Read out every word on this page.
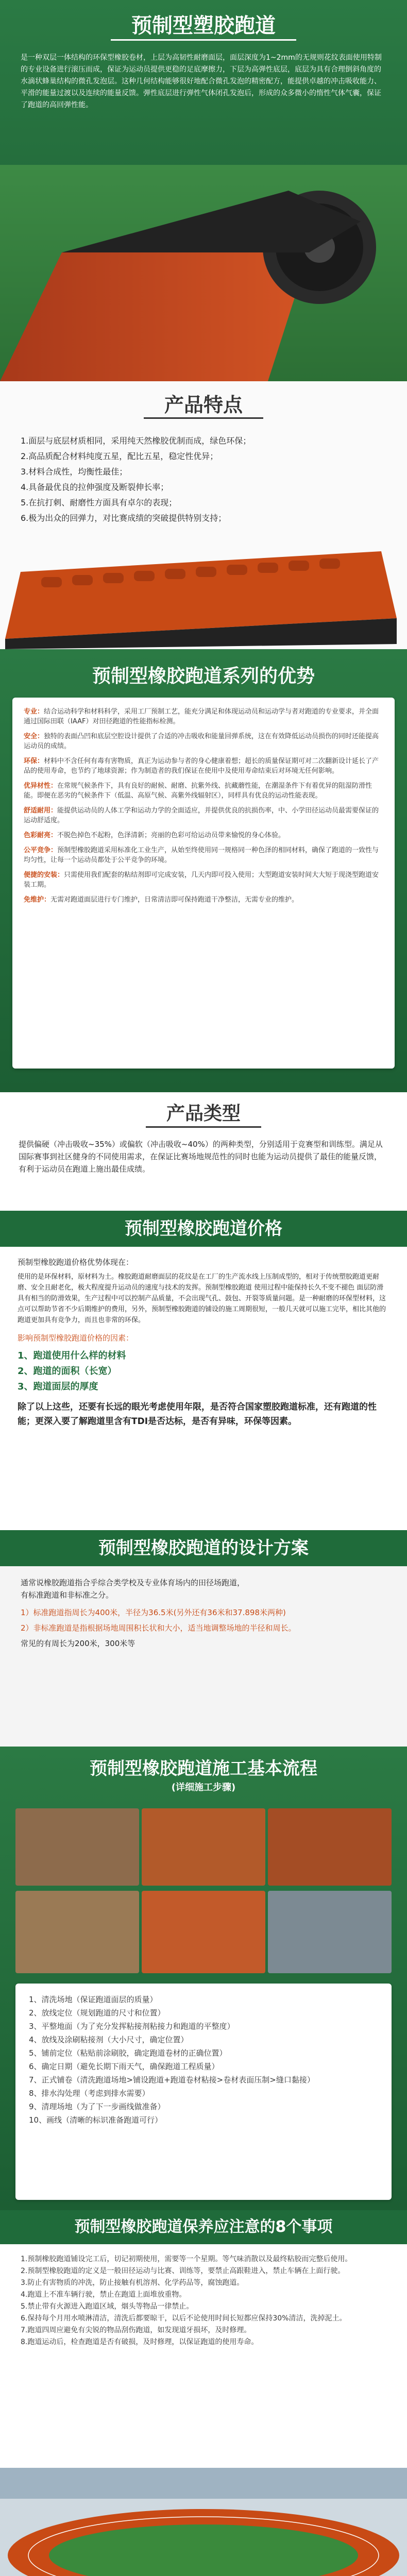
预制型塑胶跑道

是一种双层一体结构的环保型橡胶卷材，上层为高韧性耐磨面层，面层深度为1~2mm的无规则花纹表面使用特制的专业设备进行滚压而成，保证为运动员提供更稳的足底摩擦力，下层为高弹性底层，底层为具有合理倒斜角度的水滴状蜂巢结构的微孔发泡层。这种几何结构能够很好地配合微孔发泡的精密配方，能提供卓越的冲击吸收能力、平滑的能量过渡以及连续的能量反馈。弹性底层进行弹性气体闭孔发泡后，形成的众多微小的惰性气体气囊，保证了跑道的高回弹性能。

产品特点
1.面层与底层材质相同，采用纯天然橡胶优制而成，绿色环保；
2.高品质配合材料纯度五星，配比五星，稳定性优异；
3.材料合成性，均衡性最佳；
4.具备最优良的拉伸强度及断裂伸长率；
5.在抗打刺、耐磨性方面具有卓尔的表现；
6.极为出众的回弹力，对比赛成绩的突破提供特别支持；
预制型橡胶跑道系列的优势
专业：结合运动科学和材料科学，采用工厂预制工艺，能充分满足和体现运动员和运动学与者对跑道的专业要求，并全面通过国际田联（IAAF）对田径跑道的性能指标检测。
安全：独特的表面凸凹和底层空腔设计提供了合适的冲击吸收和能量回弹系统，这在有效降低运动员损伤的同时还能提高运动员的成绩。
环保：材料中不含任何有毒有害物质，真正为运动参与者的身心健康着想；超长的质量保证期可对二次翻新设计延长了产品的使用寿命，也节约了地球资源；作为制造者的我们保证在使用中及使用寿命结束后对环境无任何影响。
优异材性：在常规气候条件下，具有良好的耐候、耐磨、抗紫外线、抗藏蘑性能，在潮湿条件下有着优异的阻湿防滑性能。即便在恶劣的气候条件下（低温、高原气候、高紫外线辐射区），同样具有优良的运动性能表现。
舒适耐用：能提供运动员的人体工学和运动力学的全面适应，并提供优良的抗损伤率，中、小学田径运动员最需要保证的运动舒适度。
色彩耐亮：不脱色掉色不起粉，色泽清新；亮丽的色彩可给运动员带来愉悦的身心体验。
公平竞争：预制型橡胶跑道采用标准化工业生产，从始至终使用同一规格同一种色泽的相同材料，确保了跑道的一致性与均匀性，让每一个运动员都处于公平竞争的环境。
便捷的安装：只需使用我们配套的粘结剂即可完成安装，几天内即可投入使用；大型跑道安装时间大大短于现浇型跑道安装工期。
免维护：无需对跑道面层进行专门维护，日常清洁即可保持跑道干净整洁，无需专业的维护。
产品类型

提供偏硬（冲击吸收~35%）或偏软（冲击吸收~40%）的两种类型，分别适用于竞赛型和训练型。满足从国际赛事到社区健身的不同使用需求，在保证比赛场地规范性的同时也能为运动员提供了最佳的能量反馈，有利于运动员在跑道上施出最佳成绩。

预制型橡胶跑道价格

预制型橡胶跑道价格优势体现在：

使用的是环保材料，原材料为土。橡胶跑道耐磨面层的花纹是在工厂的生产流水线上压制成型的，相对于传统塑胶跑道更耐磨、安全且耐老化，极大程度提升运动员的速度与技术的发挥。预制型橡胶跑道 使用过程中能保持长久不变不褪色 面层防滑具有相当的防滑效果，生产过程中可以控制产品质量，不会出现气孔、鼓包、开裂等质量问题。是一种耐磨的环保型材料，这点可以帮助节省不少后期维护的费用，另外，预制型橡胶跑道的铺设的施工周期很短，一般几天就可以施工完毕，相比其他的跑道更加具有竞争力，而且也非常的环保。

影响预制型橡胶跑道价格的因素：

1、跑道使用什么样的材料
2、跑道的面积（长宽）
3、跑道面层的厚度

除了以上这些，还要有长远的眼光考虑使用年限，是否符合国家塑胶跑道标准，还有跑道的性能；更深入要了解跑道里含有TDI是否达标，是否有异味，环保等因素。

预制型橡胶跑道的设计方案

通常说橡胶跑道指合乎综合类学校及专业体育场内的田径场跑道，

有标准跑道和非标准之分。

1）标准跑道指周长为400米，半径为36.5米(另外还有36米和37.898米两种)

2）非标准跑道是指根据场地周围积长状和大小，适当地调整场地的半径和周长。

常见的有周长为200米，300米等

预制型橡胶跑道施工基本流程
(详细施工步骤)
1、清洗场地（保证跑道面层的质量）
2、放线定位（规划跑道的尺寸和位置）
3、平整地面（为了充分发挥粘接剂粘接力和跑道的平整度）
4、放线及涂刷粘接剂（大小尺寸，确定位置）
5、铺前定位（粘贴前涂刷胶，确定跑道卷材的正确位置）
6、确定日期（避免长期下雨天气，确保跑道工程质量）
7、正式铺卷（清洗跑道场地>铺设跑道+跑道卷材粘接>卷材表面压制>缝口黏接）
8、排水沟处理（考虑到排水需要）
9、清理场地（为了下一步画线做准备）
10、画线（清晰的标识准备跑道可行）
预制型橡胶跑道保养应注意的8个事项
1.预制橡胶跑道铺设完工后，切记初期使用，需要等一个星期。等气味消散以及最终粘胶而完整后使用。
2.预制型橡胶跑道的定义是一般田径运动与比赛、训练等，要禁止高跟鞋进入，禁止车辆在上面行驶。
3.防止有害物质的冲洗，防止接触有机溶剂、化学药品等，腐蚀跑道。
4.跑道上不准车辆行驶，禁止在跑道上面堆放重物。
5.禁止带有火源进入跑道区域，烟头等物品一律禁止。
6.保持每个月用水喷淋清洁，清洗后都要晾干，以后不论使用时间长短都应保持30%清洁，洗掉泥土。
7.跑道四周应避免有尖锐的物品刮伤跑道，如发现道牙损坏，及时修理。
8.跑道运动后，检查跑道是否有破损，及时修理，以保证跑道的使用寿命。
